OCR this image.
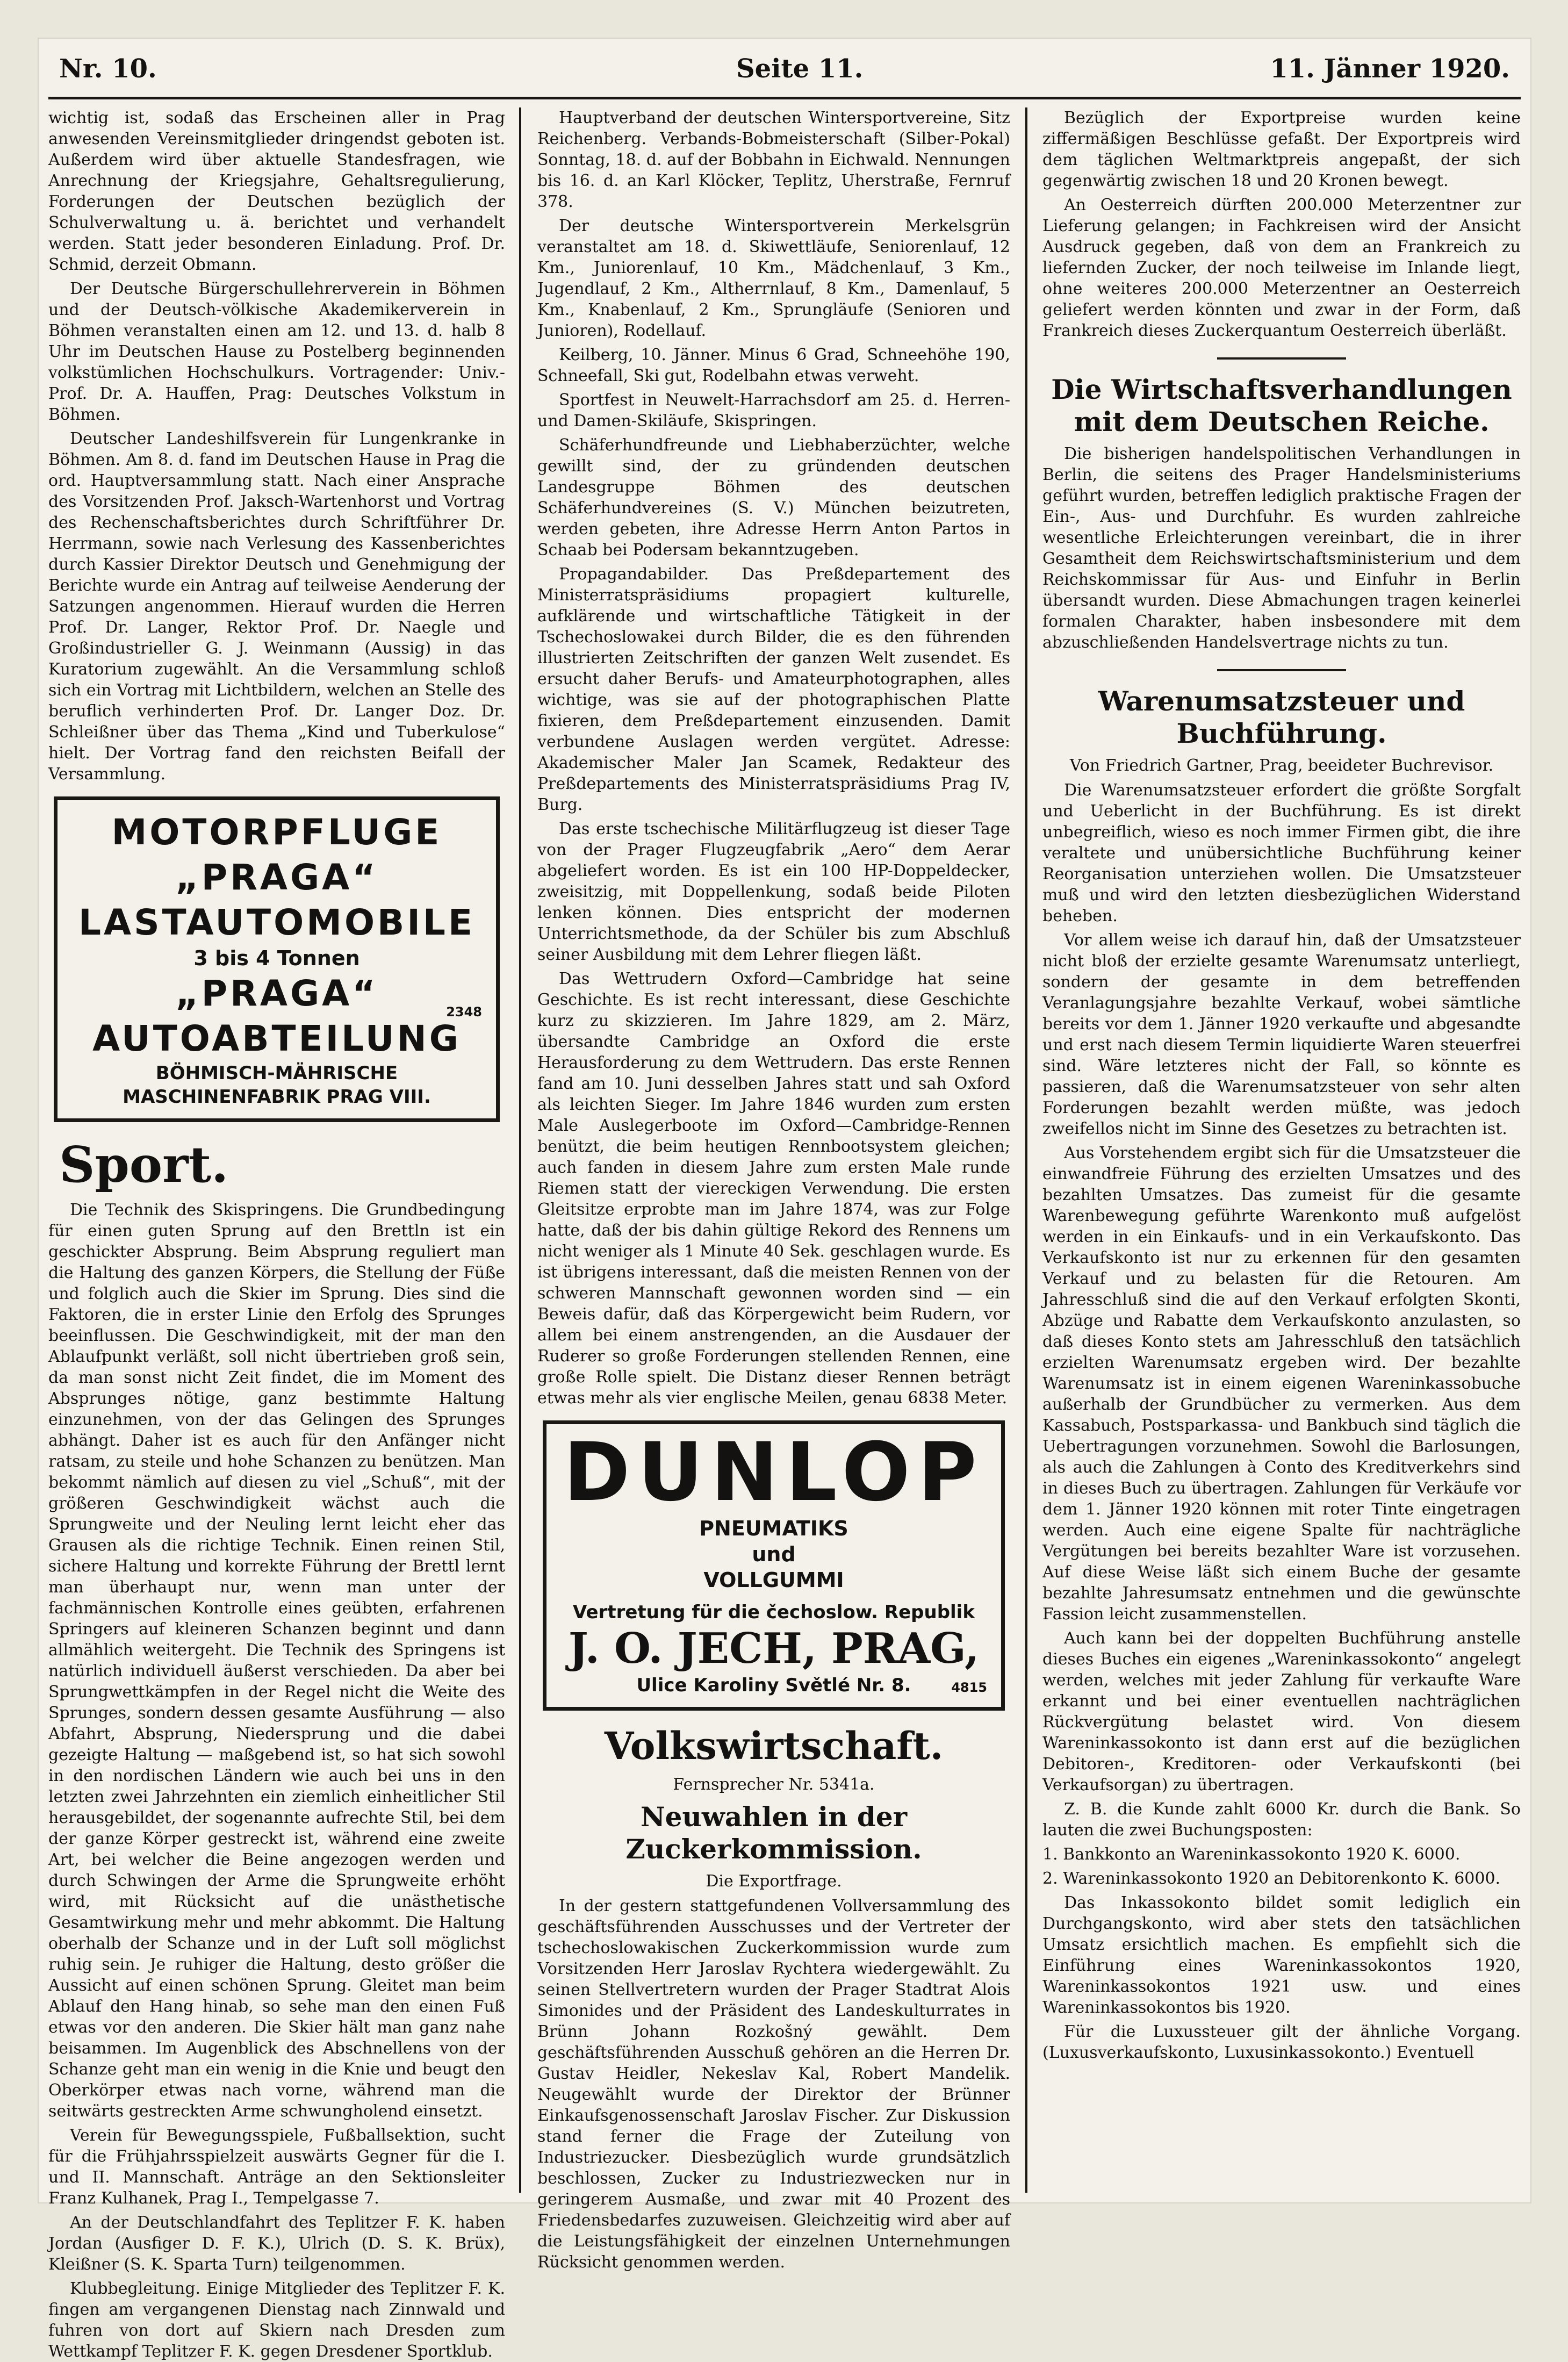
Nr. 10.	Seite 11.	11. Jänner 1920.

wichtig ist, sodaß das Erscheinen aller in Prag anwesenden Vereinsmitglieder dringendst geboten ist. Außerdem wird über aktuelle Standesfragen, wie Anrechnung der Kriegsjahre, Gehaltsregulierung, Forderungen der Deutschen bezüglich der Schulverwaltung u. ä. berichtet und verhandelt werden. Statt jeder besonderen Einladung. Prof. Dr. Schmid, derzeit Obmann.

Der Deutsche Bürgerschullehrerverein in Böhmen und der Deutsch-völkische Akademikerverein in Böhmen veranstalten einen am 12. und 13. d. halb 8 Uhr im Deutschen Hause zu Postelberg beginnenden volkstümlichen Hochschulkurs. Vortragender: Univ.-Prof. Dr. A. Hauffen, Prag: Deutsches Volkstum in Böhmen.

Deutscher Landeshilfsverein für Lungenkranke in Böhmen. Am 8. d. fand im Deutschen Hause in Prag die ord. Hauptversammlung statt. Nach einer Ansprache des Vorsitzenden Prof. Jaksch-Wartenhorst und Vortrag des Rechenschaftsberichtes durch Schriftführer Dr. Herrmann, sowie nach Verlesung des Kassenberichtes durch Kassier Direktor Deutsch und Genehmigung der Berichte wurde ein Antrag auf teilweise Aenderung der Satzungen angenommen. Hierauf wurden die Herren Prof. Dr. Langer, Rektor Prof. Dr. Naegle und Großindustrieller G. J. Weinmann (Aussig) in das Kuratorium zugewählt. An die Versammlung schloß sich ein Vortrag mit Lichtbildern, welchen an Stelle des beruflich verhinderten Prof. Dr. Langer Doz. Dr. Schleißner über das Thema „Kind und Tuberkulose“ hielt. Der Vortrag fand den reichsten Beifall der Versammlung.

MOTORPFLUGE
„PRAGA“
LASTAUTOMOBILE
3 bis 4 Tonnen
„PRAGA“	2348
AUTOABTEILUNG
BÖHMISCH-MÄHRISCHE
MASCHINENFABRIK PRAG VIII.
Sport.

Die Technik des Skispringens. Die Grundbedingung für einen guten Sprung auf den Brettln ist ein geschickter Absprung. Beim Absprung reguliert man die Haltung des ganzen Körpers, die Stellung der Füße und folglich auch die Skier im Sprung. Dies sind die Faktoren, die in erster Linie den Erfolg des Sprunges beeinflussen. Die Geschwindigkeit, mit der man den Ablaufpunkt verläßt, soll nicht übertrieben groß sein, da man sonst nicht Zeit findet, die im Moment des Absprunges nötige, ganz bestimmte Haltung einzunehmen, von der das Gelingen des Sprunges abhängt. Daher ist es auch für den Anfänger nicht ratsam, zu steile und hohe Schanzen zu benützen. Man bekommt nämlich auf diesen zu viel „Schuß“, mit der größeren Geschwindigkeit wächst auch die Sprungweite und der Neuling lernt leicht eher das Grausen als die richtige Technik. Einen reinen Stil, sichere Haltung und korrekte Führung der Brettl lernt man überhaupt nur, wenn man unter der fachmännischen Kontrolle eines geübten, erfahrenen Springers auf kleineren Schanzen beginnt und dann allmählich weitergeht. Die Technik des Springens ist natürlich individuell äußerst verschieden. Da aber bei Sprungwettkämpfen in der Regel nicht die Weite des Sprunges, sondern dessen gesamte Ausführung — also Abfahrt, Absprung, Niedersprung und die dabei gezeigte Haltung — maßgebend ist, so hat sich sowohl in den nordischen Ländern wie auch bei uns in den letzten zwei Jahrzehnten ein ziemlich einheitlicher Stil herausgebildet, der sogenannte aufrechte Stil, bei dem der ganze Körper gestreckt ist, während eine zweite Art, bei welcher die Beine angezogen werden und durch Schwingen der Arme die Sprungweite erhöht wird, mit Rücksicht auf die unästhetische Gesamtwirkung mehr und mehr abkommt. Die Haltung oberhalb der Schanze und in der Luft soll möglichst ruhig sein. Je ruhiger die Haltung, desto größer die Aussicht auf einen schönen Sprung. Gleitet man beim Ablauf den Hang hinab, so sehe man den einen Fuß etwas vor den anderen. Die Skier hält man ganz nahe beisammen. Im Augenblick des Abschnellens von der Schanze geht man ein wenig in die Knie und beugt den Oberkörper etwas nach vorne, während man die seitwärts gestreckten Arme schwungholend einsetzt.

Verein für Bewegungsspiele, Fußballsektion, sucht für die Frühjahrsspielzeit auswärts Gegner für die I. und II. Mannschaft. Anträge an den Sektionsleiter Franz Kulhanek, Prag I., Tempelgasse 7.

An der Deutschlandfahrt des Teplitzer F. K. haben Jordan (Ausfiger D. F. K.), Ulrich (D. S. K. Brüx), Kleißner (S. K. Sparta Turn) teilgenommen.

Klubbegleitung. Einige Mitglieder des Teplitzer F. K. fingen am vergangenen Dienstag nach Zinnwald und fuhren von dort auf Skiern nach Dresden zum Wettkampf Teplitzer F. K. gegen Dresdener Sportklub.

Hauptverband der deutschen Wintersportvereine, Sitz Reichenberg. Verbands-Bobmeisterschaft (Silber-Pokal) Sonntag, 18. d. auf der Bobbahn in Eichwald. Nennungen bis 16. d. an Karl Klöcker, Teplitz, Uherstraße, Fernruf 378.

Der deutsche Wintersportverein Merkelsgrün veranstaltet am 18. d. Skiwettläufe, Seniorenlauf, 12 Km., Juniorenlauf, 10 Km., Mädchenlauf, 3 Km., Jugendlauf, 2 Km., Altherrnlauf, 8 Km., Damenlauf, 5 Km., Knabenlauf, 2 Km., Sprungläufe (Senioren und Junioren), Rodellauf.

Keilberg, 10. Jänner. Minus 6 Grad, Schneehöhe 190, Schneefall, Ski gut, Rodelbahn etwas verweht.

Sportfest in Neuwelt-Harrachsdorf am 25. d. Herren- und Damen-Skiläufe, Skispringen.

Schäferhundfreunde und Liebhaberzüchter, welche gewillt sind, der zu gründenden deutschen Landesgruppe Böhmen des deutschen Schäferhundvereines (S. V.) München beizutreten, werden gebeten, ihre Adresse Herrn Anton Partos in Schaab bei Podersam bekanntzugeben.

Propagandabilder. Das Preßdepartement des Ministerratspräsidiums propagiert kulturelle, aufklärende und wirtschaftliche Tätigkeit in der Tschechoslowakei durch Bilder, die es den führenden illustrierten Zeitschriften der ganzen Welt zusendet. Es ersucht daher Berufs- und Amateurphotographen, alles wichtige, was sie auf der photographischen Platte fixieren, dem Preßdepartement einzusenden. Damit verbundene Auslagen werden vergütet. Adresse: Akademischer Maler Jan Scamek, Redakteur des Preßdepartements des Ministerratspräsidiums Prag IV, Burg.

Das erste tschechische Militärflugzeug ist dieser Tage von der Prager Flugzeugfabrik „Aero“ dem Aerar abgeliefert worden. Es ist ein 100 HP-Doppeldecker, zweisitzig, mit Doppellenkung, sodaß beide Piloten lenken können. Dies entspricht der modernen Unterrichtsmethode, da der Schüler bis zum Abschluß seiner Ausbildung mit dem Lehrer fliegen läßt.

Das Wettrudern Oxford—Cambridge hat seine Geschichte. Es ist recht interessant, diese Geschichte kurz zu skizzieren. Im Jahre 1829, am 2. März, übersandte Cambridge an Oxford die erste Herausforderung zu dem Wettrudern. Das erste Rennen fand am 10. Juni desselben Jahres statt und sah Oxford als leichten Sieger. Im Jahre 1846 wurden zum ersten Male Auslegerboote im Oxford—Cambridge-Rennen benützt, die beim heutigen Rennbootsystem gleichen; auch fanden in diesem Jahre zum ersten Male runde Riemen statt der viereckigen Verwendung. Die ersten Gleitsitze erprobte man im Jahre 1874, was zur Folge hatte, daß der bis dahin gültige Rekord des Rennens um nicht weniger als 1 Minute 40 Sek. geschlagen wurde. Es ist übrigens interessant, daß die meisten Rennen von der schweren Mannschaft gewonnen worden sind — ein Beweis dafür, daß das Körpergewicht beim Rudern, vor allem bei einem anstrengenden, an die Ausdauer der Ruderer so große Forderungen stellenden Rennen, eine große Rolle spielt. Die Distanz dieser Rennen beträgt etwas mehr als vier englische Meilen, genau 6838 Meter.

DUNLOP
PNEUMATIKS
und
VOLLGUMMI
Vertretung für die čechoslow. Republik
J. O. JECH, PRAG,
Ulice Karoliny Světlé Nr. 8.	4815
Volkswirtschaft.
Fernsprecher Nr. 5341a.
Neuwahlen in der Zuckerkommission.
Die Exportfrage.

In der gestern stattgefundenen Vollversammlung des geschäftsführenden Ausschusses und der Vertreter der tschechoslowakischen Zuckerkommission wurde zum Vorsitzenden Herr Jaroslav Rychtera wiedergewählt. Zu seinen Stellvertretern wurden der Prager Stadtrat Alois Simonides und der Präsident des Landeskulturrates in Brünn Johann Rozkošný gewählt. Dem geschäftsführenden Ausschuß gehören an die Herren Dr. Gustav Heidler, Nekeslav Kal, Robert Mandelik. Neugewählt wurde der Direktor der Brünner Einkaufsgenossenschaft Jaroslav Fischer. Zur Diskussion stand ferner die Frage der Zuteilung von Industriezucker. Diesbezüglich wurde grundsätzlich beschlossen, Zucker zu Industriezwecken nur in geringerem Ausmaße, und zwar mit 40 Prozent des Friedensbedarfes zuzuweisen. Gleichzeitig wird aber auf die Leistungsfähigkeit der einzelnen Unternehmungen Rücksicht genommen werden.

Bezüglich der Exportpreise wurden keine ziffermäßigen Beschlüsse gefaßt. Der Exportpreis wird dem täglichen Weltmarktpreis angepaßt, der sich gegenwärtig zwischen 18 und 20 Kronen bewegt.

An Oesterreich dürften 200.000 Meterzentner zur Lieferung gelangen; in Fachkreisen wird der Ansicht Ausdruck gegeben, daß von dem an Frankreich zu liefernden Zucker, der noch teilweise im Inlande liegt, ohne weiteres 200.000 Meterzentner an Oesterreich geliefert werden könnten und zwar in der Form, daß Frankreich dieses Zuckerquantum Oesterreich überläßt.

Die Wirtschaftsverhandlungen mit dem Deutschen Reiche.

Die bisherigen handelspolitischen Verhandlungen in Berlin, die seitens des Prager Handelsministeriums geführt wurden, betreffen lediglich praktische Fragen der Ein-, Aus- und Durchfuhr. Es wurden zahlreiche wesentliche Erleichterungen vereinbart, die in ihrer Gesamtheit dem Reichswirtschaftsministerium und dem Reichskommissar für Aus- und Einfuhr in Berlin übersandt wurden. Diese Abmachungen tragen keinerlei formalen Charakter, haben insbesondere mit dem abzuschließenden Handelsvertrage nichts zu tun.

Warenumsatzsteuer und Buchführung.
Von Friedrich Gartner, Prag, beeideter Buchrevisor.

Die Warenumsatzsteuer erfordert die größte Sorgfalt und Ueberlicht in der Buchführung. Es ist direkt unbegreiflich, wieso es noch immer Firmen gibt, die ihre veraltete und unübersichtliche Buchführung keiner Reorganisation unterziehen wollen. Die Umsatzsteuer muß und wird den letzten diesbezüglichen Widerstand beheben.

Vor allem weise ich darauf hin, daß der Umsatzsteuer nicht bloß der erzielte gesamte Warenumsatz unterliegt, sondern der gesamte in dem betreffenden Veranlagungsjahre bezahlte Verkauf, wobei sämtliche bereits vor dem 1. Jänner 1920 verkaufte und abgesandte und erst nach diesem Termin liquidierte Waren steuerfrei sind. Wäre letzteres nicht der Fall, so könnte es passieren, daß die Warenumsatzsteuer von sehr alten Forderungen bezahlt werden müßte, was jedoch zweifellos nicht im Sinne des Gesetzes zu betrachten ist.

Aus Vorstehendem ergibt sich für die Umsatzsteuer die einwandfreie Führung des erzielten Umsatzes und des bezahlten Umsatzes. Das zumeist für die gesamte Warenbewegung geführte Warenkonto muß aufgelöst werden in ein Einkaufs- und in ein Verkaufskonto. Das Verkaufskonto ist nur zu erkennen für den gesamten Verkauf und zu belasten für die Retouren. Am Jahresschluß sind die auf den Verkauf erfolgten Skonti, Abzüge und Rabatte dem Verkaufskonto anzulasten, so daß dieses Konto stets am Jahresschluß den tatsächlich erzielten Warenumsatz ergeben wird. Der bezahlte Warenumsatz ist in einem eigenen Wareninkassobuche außerhalb der Grundbücher zu vermerken. Aus dem Kassabuch, Postsparkassa- und Bankbuch sind täglich die Uebertragungen vorzunehmen. Sowohl die Barlosungen, als auch die Zahlungen à Conto des Kreditverkehrs sind in dieses Buch zu übertragen. Zahlungen für Verkäufe vor dem 1. Jänner 1920 können mit roter Tinte eingetragen werden. Auch eine eigene Spalte für nachträgliche Vergütungen bei bereits bezahlter Ware ist vorzusehen. Auf diese Weise läßt sich einem Buche der gesamte bezahlte Jahresumsatz entnehmen und die gewünschte Fassion leicht zusammenstellen.

Auch kann bei der doppelten Buchführung anstelle dieses Buches ein eigenes „Wareninkassokonto“ angelegt werden, welches mit jeder Zahlung für verkaufte Ware erkannt und bei einer eventuellen nachträglichen Rückvergütung belastet wird. Von diesem Wareninkassokonto ist dann erst auf die bezüglichen Debitoren-, Kreditoren- oder Verkaufskonti (bei Verkaufsorgan) zu übertragen.

Z. B. die Kunde zahlt 6000 Kr. durch die Bank. So lauten die zwei Buchungsposten:

1. Bankkonto an Wareninkassokonto 1920 K. 6000.

2. Wareninkassokonto 1920 an Debitorenkonto K. 6000.

Das Inkassokonto bildet somit lediglich ein Durchgangskonto, wird aber stets den tatsächlichen Umsatz ersichtlich machen. Es empfiehlt sich die Einführung eines Wareninkassokontos 1920, Wareninkassokontos 1921 usw. und eines Wareninkassokontos bis 1920.

Für die Luxussteuer gilt der ähnliche Vorgang. (Luxusverkaufskonto, Luxusinkassokonto.) Eventuell
